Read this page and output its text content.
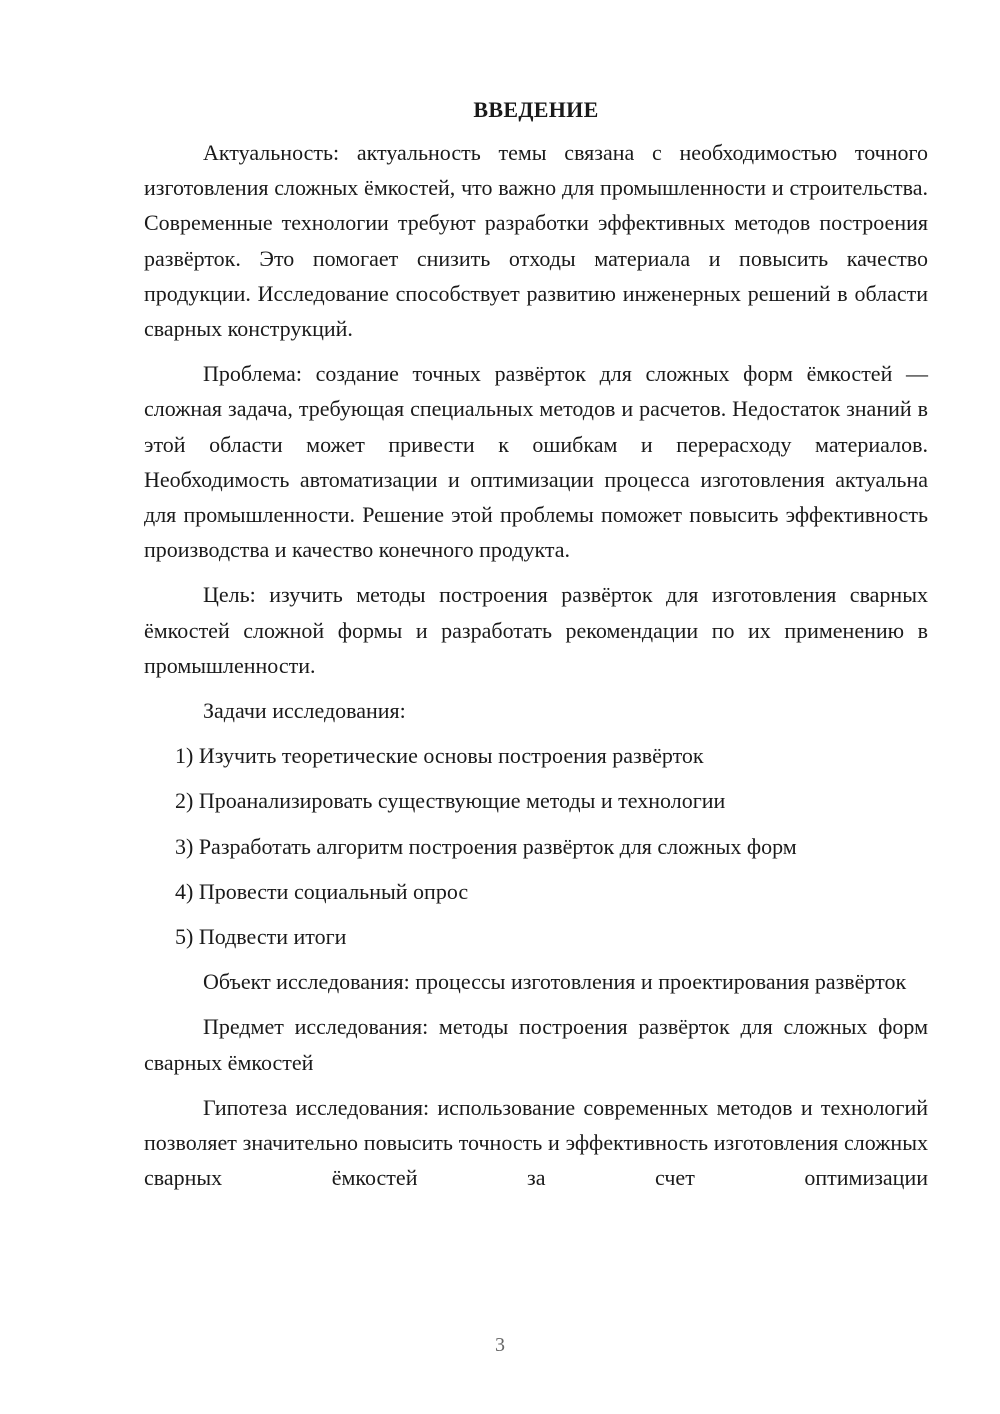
ВВЕДЕНИЕ

Актуальность: актуальность темы связана с необходимостью точного изготовления сложных ёмкостей, что важно для промышленности и строительства. Современные технологии требуют разработки эффективных методов построения развёрток. Это помогает снизить отходы материала и повысить качество продукции. Исследование способствует развитию инженерных решений в области сварных конструкций.

Проблема: создание точных развёрток для сложных форм ёмкостей — сложная задача, требующая специальных методов и расчетов. Недостаток знаний в этой области может привести к ошибкам и перерасходу материалов. Необходимость автоматизации и оптимизации процесса изготовления актуальна для промышленности. Решение этой проблемы поможет повысить эффективность производства и качество конечного продукта.

Цель: изучить методы построения развёрток для изготовления сварных ёмкостей сложной формы и разработать рекомендации по их применению в промышленности.

Задачи исследования:

1) Изучить теоретические основы построения развёрток
2) Проанализировать существующие методы и технологии
3) Разработать алгоритм построения развёрток для сложных форм
4) Провести социальный опрос
5) Подвести итоги

Объект исследования: процессы изготовления и проектирования развёрток

Предмет исследования: методы построения развёрток для сложных форм сварных ёмкостей

Гипотеза исследования: использование современных методов и технологий позволяет значительно повысить точность и эффективность изготовления сложных сварных ёмкостей за счет оптимизации

3
